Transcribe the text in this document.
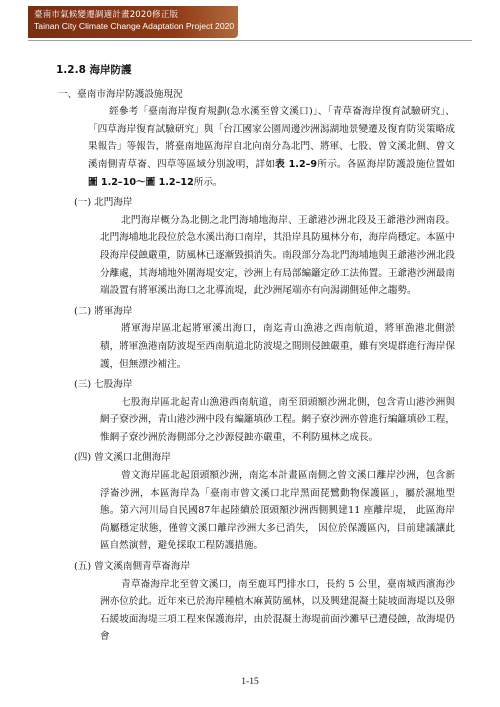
臺南市氣候變遷調適計畫2020修正版
Tainan City Climate Change Adaptation Project 2020
1.2.8 海岸防護
一、臺南市海岸防護設施現況

經參考「臺南海岸復育規劃(急水溪至曾文溪口)」、「青草崙海岸復育試驗研究」、「四草海岸復育試驗研究」與「台江國家公園周邊沙洲潟湖地景變遷及復育防災策略成果報告」等報告，將臺南地區海岸自北向南分為北門、將軍、七股、曾文溪北側、曾文溪南側青草崙、四草等區域分別說明，詳如表 1.2–9所示。各區海岸防護設施位置如圖 1.2–10～圖 1.2–12所示。

(一) 北門海岸

北門海岸概分為北側之北門海埔地海岸、王爺港沙洲北段及王爺港沙洲南段。北門海埔地北段位於急水溪出海口南岸，其沿岸具防風林分布，海岸尚穩定。本區中段海岸侵蝕嚴重，防風林已逐漸毀損消失。南段部分為北門海埔地與王爺港沙洲北段分離處，其海埔地外圍海堤安定，沙洲上有局部編籬定砂工法佈置。王爺港沙洲最南端設置有將軍溪出海口之北導流堤，此沙洲尾端亦有向潟湖側延伸之趨勢。

(二) 將軍海岸

將軍海岸區北起將軍溪出海口，南迄青山漁港之西南航道，將軍漁港北側淤積，將軍漁港南防波堤至西南航道北防波堤之間則侵蝕嚴重，雖有突堤群進行海岸保護，但無漂沙補注。

(三) 七股海岸

七股海岸區北起青山漁港西南航道，南至頂頭額沙洲北側，包含青山港沙洲與網子寮沙洲，青山港沙洲中段有編籬填砂工程。網子寮沙洲亦曾進行編籬填砂工程，惟網子寮沙洲於海側部分之沙源侵蝕亦嚴重，不利防風林之成長。

(四) 曾文溪口北側海岸

曾文海岸區北起頂頭額沙洲，南迄本計畫區南側之曾文溪口離岸沙洲，包含新浮崙沙洲，本區海岸為「臺南市曾文溪口北岸黑面琵鷺動物保護區」，屬於濕地型態。第六河川局自民國87年起陸續於頂頭額沙洲西側興建11 座離岸堤， 此區海岸尚屬穩定狀態，僅曾文溪口離岸沙洲大多已消失， 因位於保護區內，目前建議讓此區自然演替，避免採取工程防護措施。

(五) 曾文溪南側青草崙海岸

青草崙海岸北至曾文溪口，南至鹿耳門排水口，長約 5 公里，臺南城西濱海沙洲亦位於此。近年來已於海岸種植木麻黃防風林，以及興建混凝土陡坡面海堤以及卵石緩坡面海堤三項工程來保護海岸，由於混凝土海堤前面沙灘早已遭侵蝕，故海堤仍會

1-15
